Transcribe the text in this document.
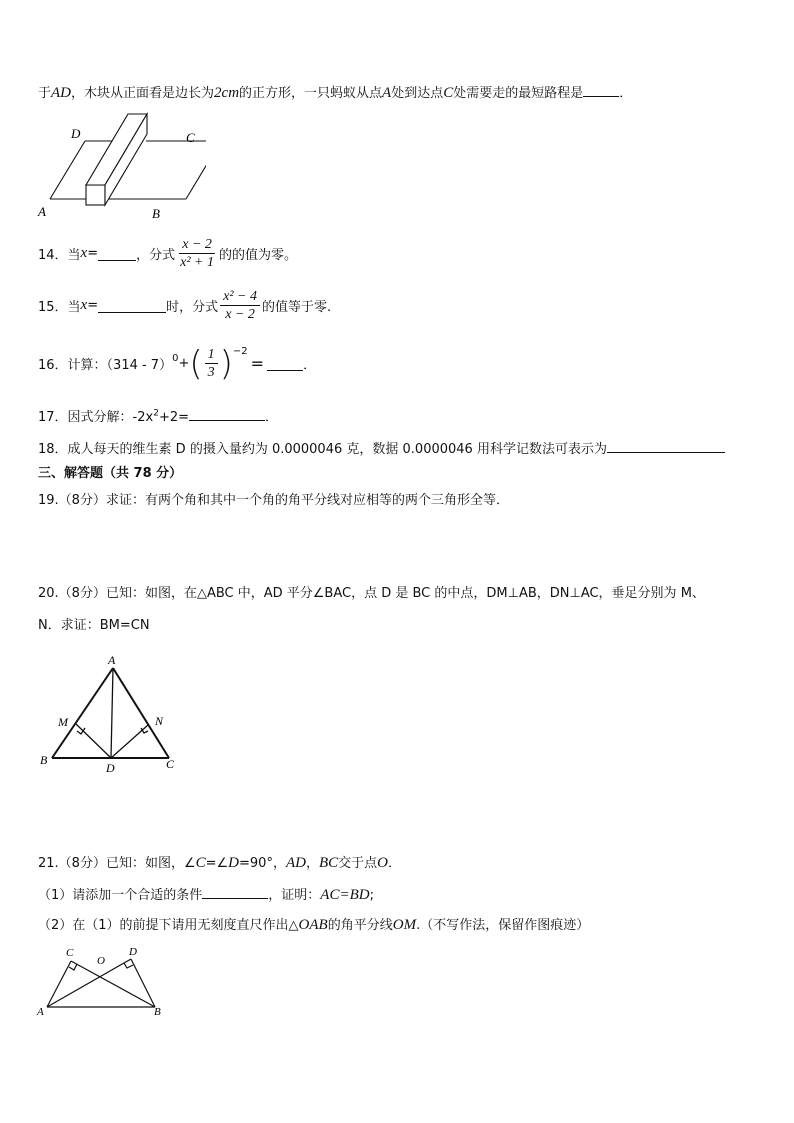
于AD，木块从正面看是边长为2cm的正方形，一只蚂蚁从点A处到达点C处需要走的最短路程是	．
D	C
A	B
14．当 x =	，分式 $\frac{x - 2}{\text{x² + 1}}$ 的的值为零。
15．当 x =	时，分式 $\frac{\text{x² − 4}}{x - 2}$ 的值等于零.
16．计算：（314 - 7）$^0$ + ( $\frac{1}{3} )^{-2}$
=	．
17．因式分解：$-2x^2+2=$	．
18．成人每天的维生素 D 的摄入量约为 0.0000046 克，数据 0.0000046 用科学记数法可表示为
三、解答题（共 78 分）
19.（8分）求证：有两个角和其中一个角的角平分线对应相等的两个三角形全等．
20.（8分）已知：如图，在△ABC 中，AD 平分∠BAC，点 D 是 BC 的中点，DM⊥AB，DN⊥AC，垂足分别为 M、
N．求证：BM=CN
A
M	N
B
D	C
21.（8分）已知：如图，∠C=∠D=90°，AD，BC交于点O．
（1）请添加一个合适的条件	，证明：AC=BD;
（2）在（1）的前提下请用无刻度直尺作出△OAB的角平分线OM.（不写作法，保留作图痕迹）
C
O
D
A	B
